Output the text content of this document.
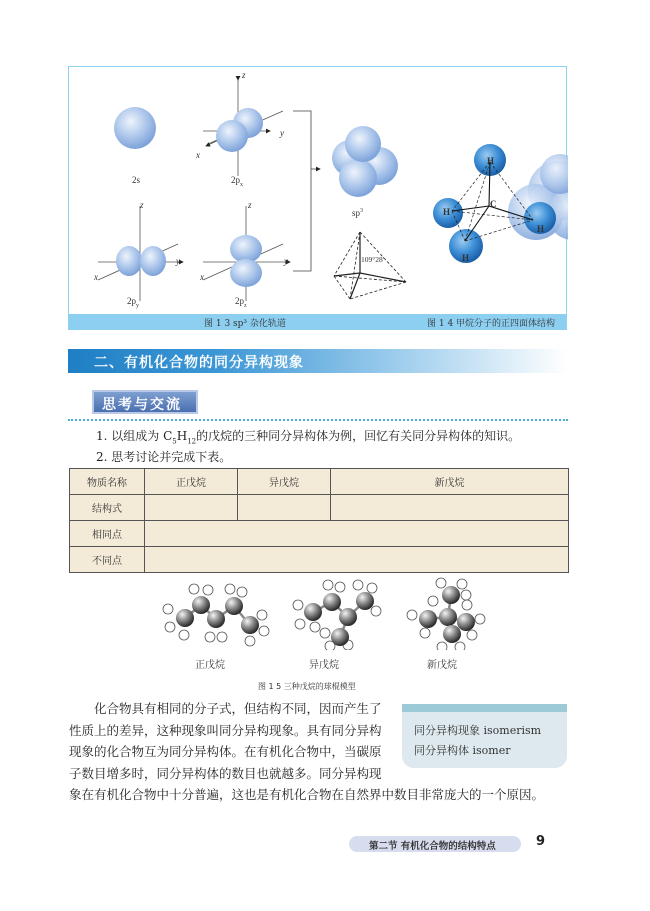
2s	$2p_x$
$2p_y$	$2p_z$
$sp^3$
109°28′
z
y
x
z
y
x
z
y
x
H
C
H
H
H
图 1 3 sp³ 杂化轨道	图 1 4 甲烷分子的正四面体结构
二、有机化合物的同分异构现象
思考与交流
1. 以组成为 $C_5H_{12}$的戊烷的三种同分异构体为例，回忆有关同分异构体的知识。
2. 思考讨论并完成下表。
物质名称	正戊烷	异戊烷	新戊烷
结构式			
相同点			
不同点			
正戊烷	异戊烷	新戊烷
图 1 5 三种戊烷的球棍模型
　　化合物具有相同的分子式，但结构不同，因而产生了
性质上的差异，这种现象叫同分异构现象。具有同分异构
现象的化合物互为同分异构体。在有机化合物中，当碳原
子数目增多时，同分异构体的数目也就越多。同分异构现
象在有机化合物中十分普遍，这也是有机化合物在自然界中数目非常庞大的一个原因。
同分异构现象 isomerism
同分异构体 isomer
第二节 有机化合物的结构特点	9
